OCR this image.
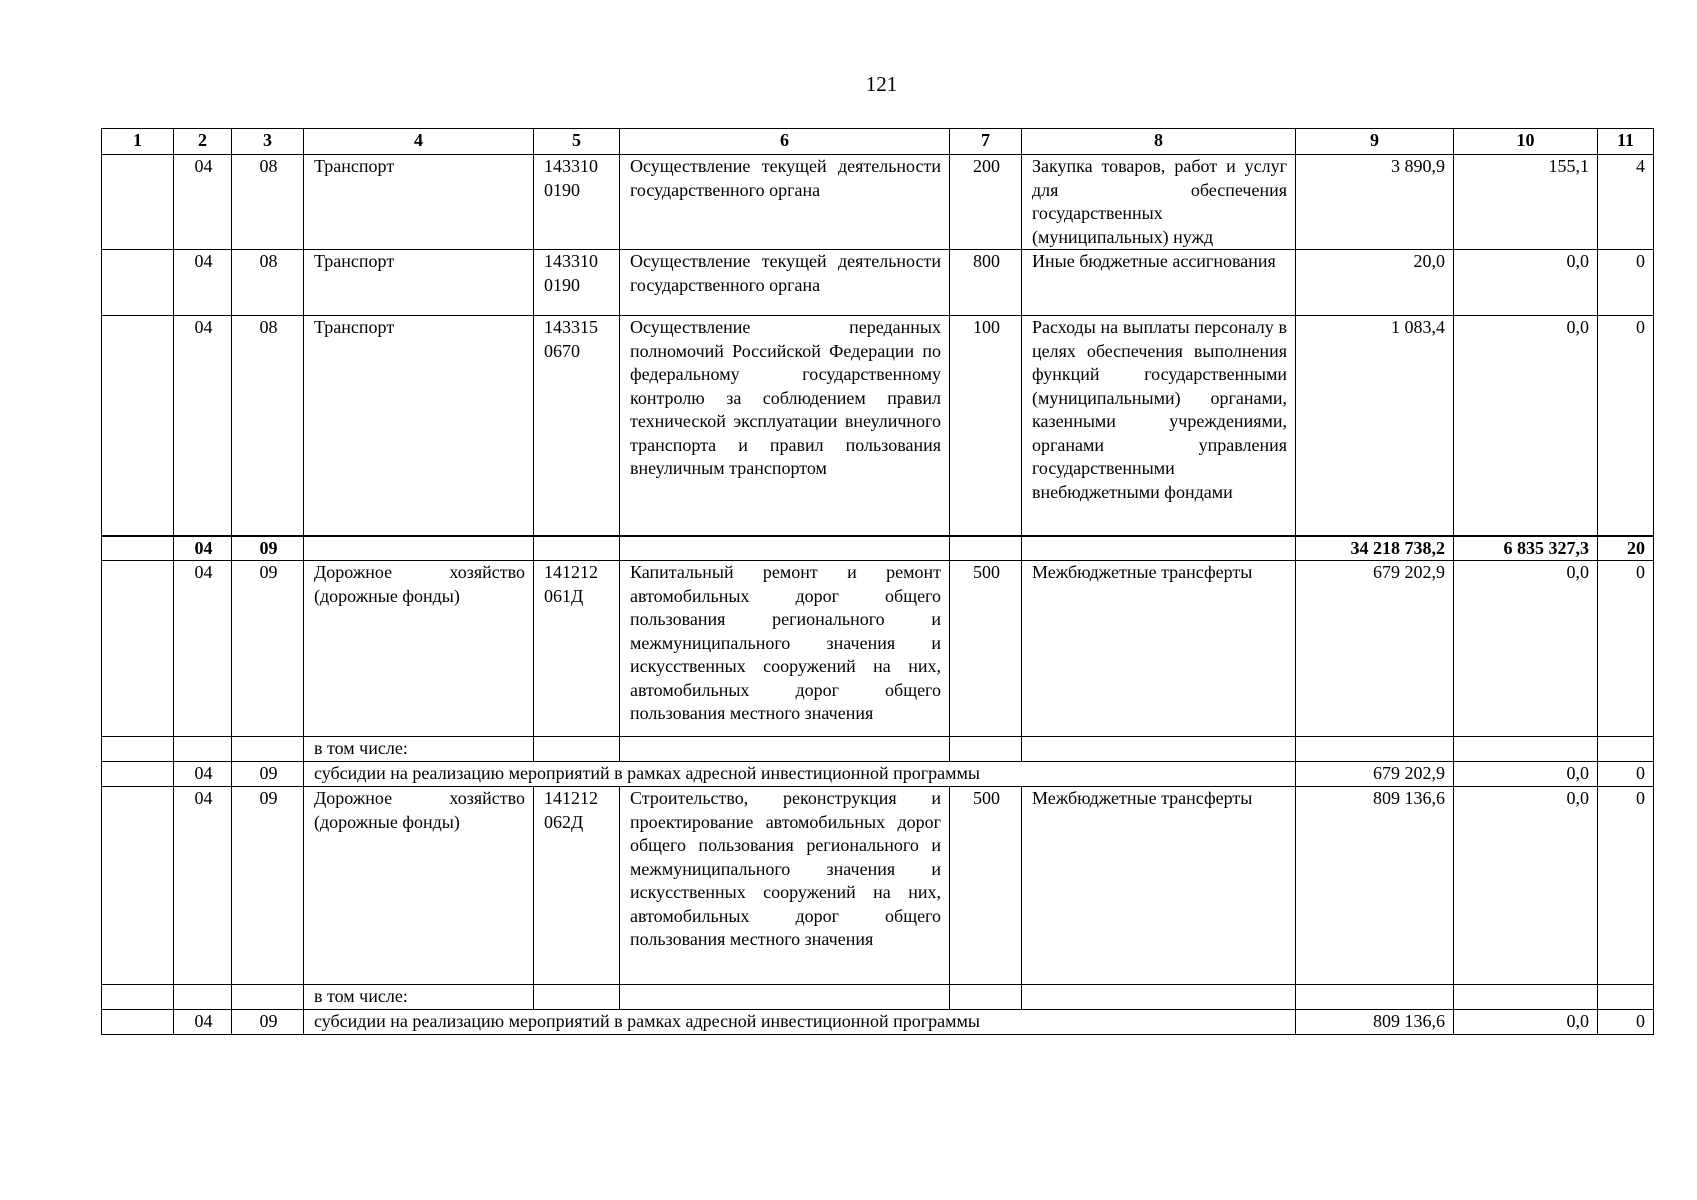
121
1	2	3	4	5	6	7	8	9	10	11
	04	08	Транспорт	143310 0190	Осуществление текущей деятельности государственного органа	200	Закупка товаров, работ и услуг для обеспечения государственных (муниципальных) нужд	3 890,9	155,1	4
	04	08	Транспорт	143310 0190	Осуществление текущей деятельности государственного органа	800	Иные бюджетные ассигнования	20,0	0,0	0
	04	08	Транспорт	143315 0670	Осуществление переданных полномочий Российской Федерации по федеральному государственному контролю за соблюдением правил технической эксплуатации внеуличного транспорта и правил пользования внеуличным транспортом	100	Расходы на выплаты персоналу в целях обеспечения выполнения функций государственными (муниципальными) органами, казенными учреждениями, органами управления государственными внебюджетными фондами	1 083,4	0,0	0
	04	09						34 218 738,2	6 835 327,3	20
	04	09	Дорожное хозяйство (дорожные фонды)	141212 061Д	Капитальный ремонт и ремонт автомобильных дорог общего пользования регионального и межмуниципального значения и искусственных сооружений на них, автомобильных дорог общего пользования местного значения	500	Межбюджетные трансферты	679 202,9	0,0	0
			в том числе:							
	04	09	субсидии на реализацию мероприятий в рамках адресной инвестиционной программы					679 202,9	0,0	0
	04	09	Дорожное хозяйство (дорожные фонды)	141212 062Д	Строительство, реконструкция и проектирование автомобильных дорог общего пользования регионального и межмуниципального значения и искусственных сооружений на них, автомобильных дорог общего пользования местного значения	500	Межбюджетные трансферты	809 136,6	0,0	0
			в том числе:							
	04	09	субсидии на реализацию мероприятий в рамках адресной инвестиционной программы					809 136,6	0,0	0
